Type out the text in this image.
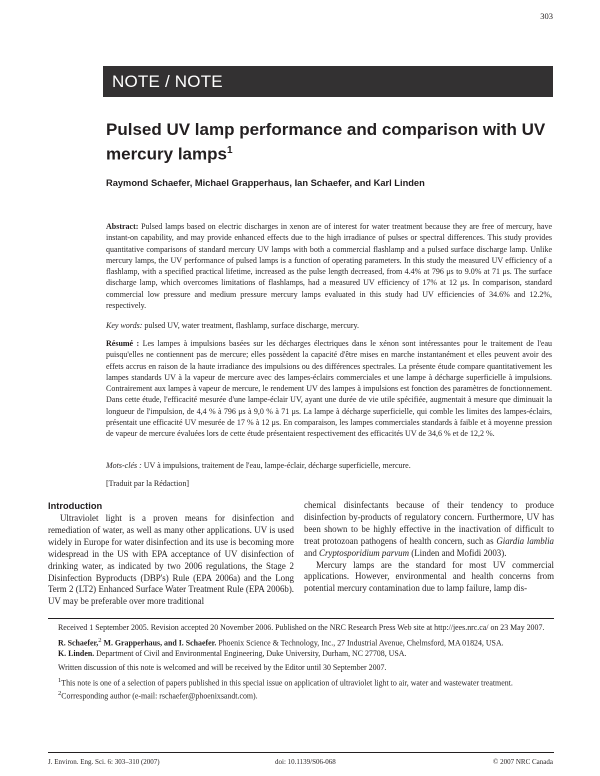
303
NOTE / NOTE
Pulsed UV lamp performance and comparison with UV mercury lamps$^1$
Raymond Schaefer, Michael Grapperhaus, Ian Schaefer, and Karl Linden

Abstract: Pulsed lamps based on electric discharges in xenon are of interest for water treatment because they are free of mercury, have instant-on capability, and may provide enhanced effects due to the high irradiance of pulses or spectral differences. This study provides quantitative comparisons of standard mercury UV lamps with both a commercial flashlamp and a pulsed surface discharge lamp. Unlike mercury lamps, the UV performance of pulsed lamps is a function of operating parameters. In this study the measured UV efficiency of a flashlamp, with a specified practical lifetime, increased as the pulse length decreased, from 4.4% at 796 μs to 9.0% at 71 μs. The surface discharge lamp, which overcomes limitations of flashlamps, had a measured UV efficiency of 17% at 12 μs. In comparison, standard commercial low pressure and medium pressure mercury lamps evaluated in this study had UV efficiencies of 34.6% and 12.2%, respectively.

Key words: pulsed UV, water treatment, flashlamp, surface discharge, mercury.

Résumé : Les lampes à impulsions basées sur les décharges électriques dans le xénon sont intéressantes pour le traitement de l'eau puisqu'elles ne contiennent pas de mercure; elles possèdent la capacité d'être mises en marche instantanément et elles peuvent avoir des effets accrus en raison de la haute irradiance des impulsions ou des différences spectrales. La présente étude compare quantitativement les lampes standards UV à la vapeur de mercure avec des lampes-éclairs commerciales et une lampe à décharge superficielle à impulsions. Contrairement aux lampes à vapeur de mercure, le rendement UV des lampes à impulsions est fonction des paramètres de fonctionnement. Dans cette étude, l'efficacité mesurée d'une lampe-éclair UV, ayant une durée de vie utile spécifiée, augmentait à mesure que diminuait la longueur de l'impulsion, de 4,4 % à 796 μs à 9,0 % à 71 μs. La lampe à décharge superficielle, qui comble les limites des lampes-éclairs, présentait une efficacité UV mesurée de 17 % à 12 μs. En comparaison, les lampes commerciales standards à faible et à moyenne pression de vapeur de mercure évaluées lors de cette étude présentaient respectivement des efficacités UV de 34,6 % et de 12,2 %.

Mots-clés : UV à impulsions, traitement de l'eau, lampe-éclair, décharge superficielle, mercure.

[Traduit par la Rédaction]
Introduction

Ultraviolet light is a proven means for disinfection and remediation of water, as well as many other applications. UV is used widely in Europe for water disinfection and its use is becoming more widespread in the US with EPA acceptance of UV disinfection of drinking water, as indicated by two 2006 regulations, the Stage 2 Disinfection Byproducts (DBP's) Rule (EPA 2006a) and the Long Term 2 (LT2) Enhanced Surface Water Treatment Rule (EPA 2006b). UV may be preferable over more traditional

chemical disinfectants because of their tendency to produce disinfection by-products of regulatory concern. Furthermore, UV has been shown to be highly effective in the inactivation of difficult to treat protozoan pathogens of health concern, such as Giardia lamblia and Cryptosporidium parvum (Linden and Mofidi 2003).

Mercury lamps are the standard for most UV commercial applications. However, environmental and health concerns from potential mercury contamination due to lamp failure, lamp dis-

Received 1 September 2005. Revision accepted 20 November 2006. Published on the NRC Research Press Web site at http://jees.nrc.ca/ on 23 May 2007.

R. Schaefer,$^2$ M. Grapperhaus, and I. Schaefer. Phoenix Science & Technology, Inc., 27 Industrial Avenue, Chelmsford, MA 01824, USA.
K. Linden. Department of Civil and Environmental Engineering, Duke University, Durham, NC 27708, USA.

Written discussion of this note is welcomed and will be received by the Editor until 30 September 2007.

$^1$This note is one of a selection of papers published in this special issue on application of ultraviolet light to air, water and wastewater treatment.

$^2$Corresponding author (e-mail: rschaefer@phoenixsandt.com).

J. Environ. Eng. Sci. 6: 303–310 (2007)	doi: 10.1139/S06-068	© 2007 NRC Canada
